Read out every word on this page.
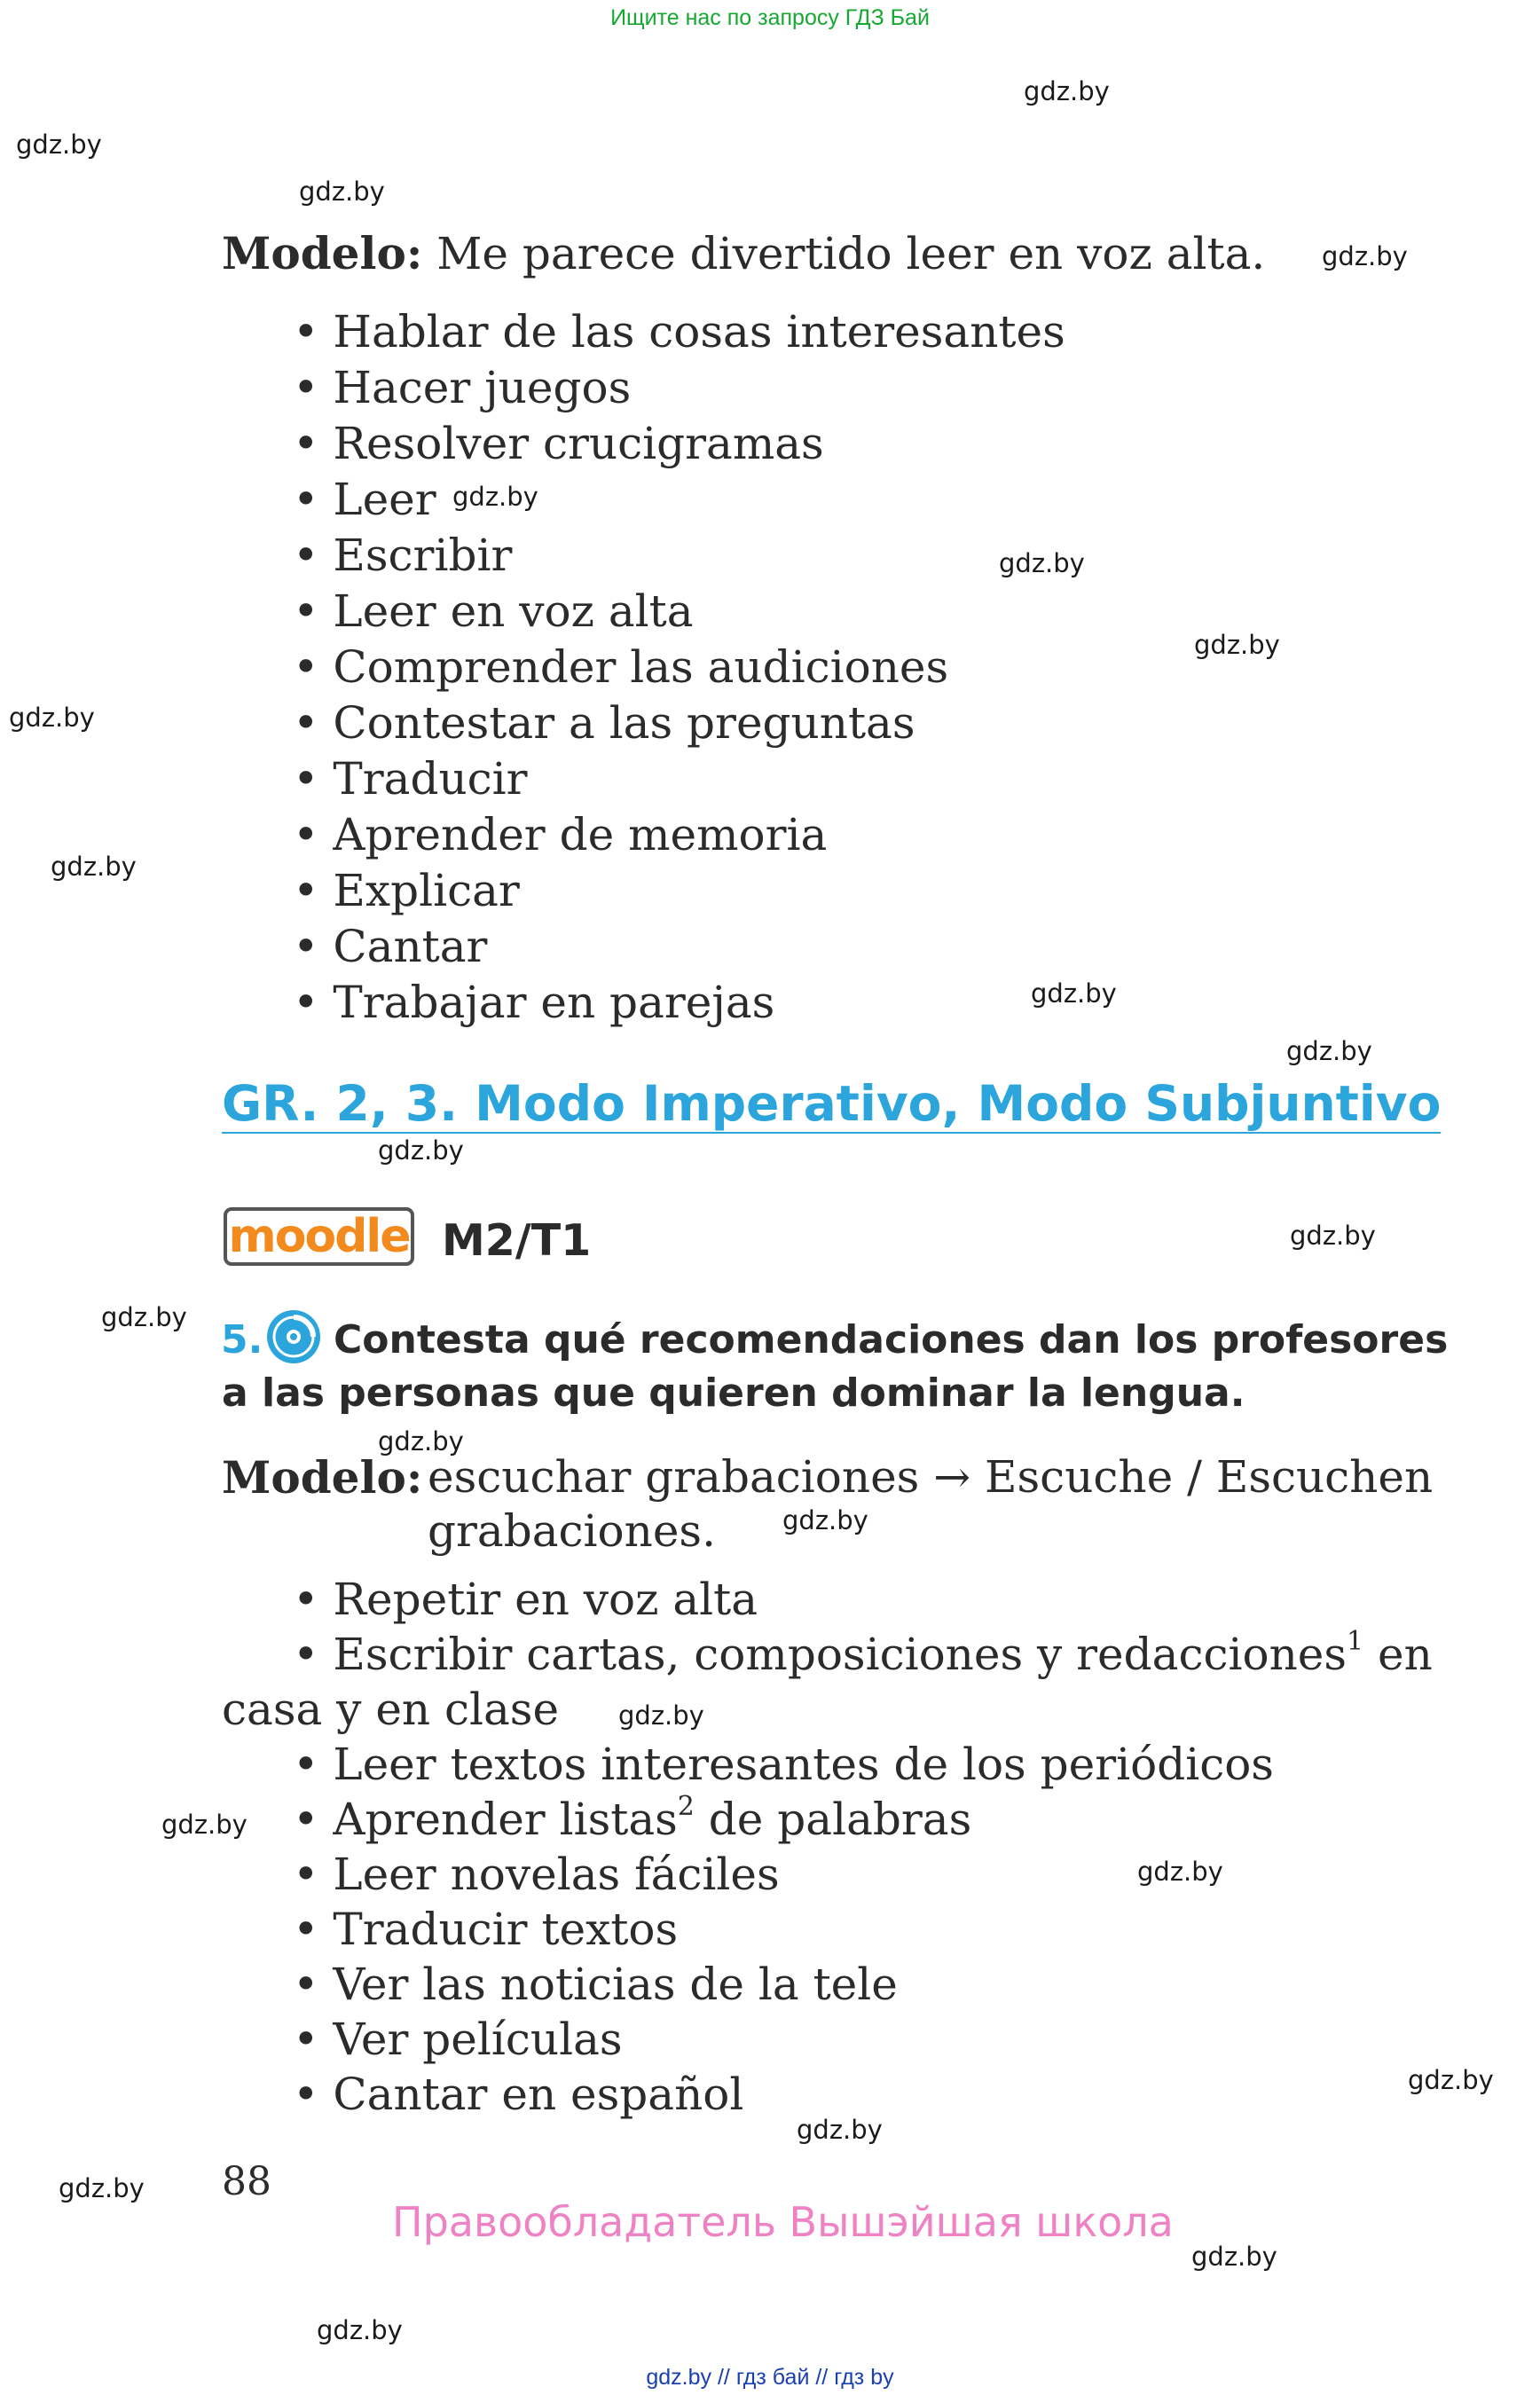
Ищите нас по запросу ГДЗ Бай
gdz.by
gdz.by
gdz.by
gdz.by
gdz.by
gdz.by
gdz.by
gdz.by
gdz.by
gdz.by
gdz.by
gdz.by
gdz.by
gdz.by
gdz.by
gdz.by
gdz.by
gdz.by
gdz.by
gdz.by
gdz.by
gdz.by
gdz.by
gdz.by
Modelo: Me parece divertido leer en voz alta.
• Hablar de las cosas interesantes
• Hacer juegos
• Resolver crucigramas
• Leer
• Escribir
• Leer en voz alta
• Comprender las audiciones
• Contestar a las preguntas
• Traducir
• Aprender de memoria
• Explicar
• Cantar
• Trabajar en parejas
GR. 2, 3. Modo Imperativo, Modo Subjuntivo
moodle M2/T1
5. Contesta qué recomendaciones dan los profesores
a las personas que quieren dominar la lengua.
Modelo: escuchar grabaciones → Escuche / Escuchen
grabaciones.
• Repetir en voz alta
• Escribir cartas, composiciones y redacciones$^1$ en
casa y en clase
• Leer textos interesantes de los periódicos
• Aprender listas$^2$ de palabras
• Leer novelas fáciles
• Traducir textos
• Ver las noticias de la tele
• Ver películas
• Cantar en español
88
Правообладатель Вышэйшая школа
gdz.by // гдз бай // гдз by
